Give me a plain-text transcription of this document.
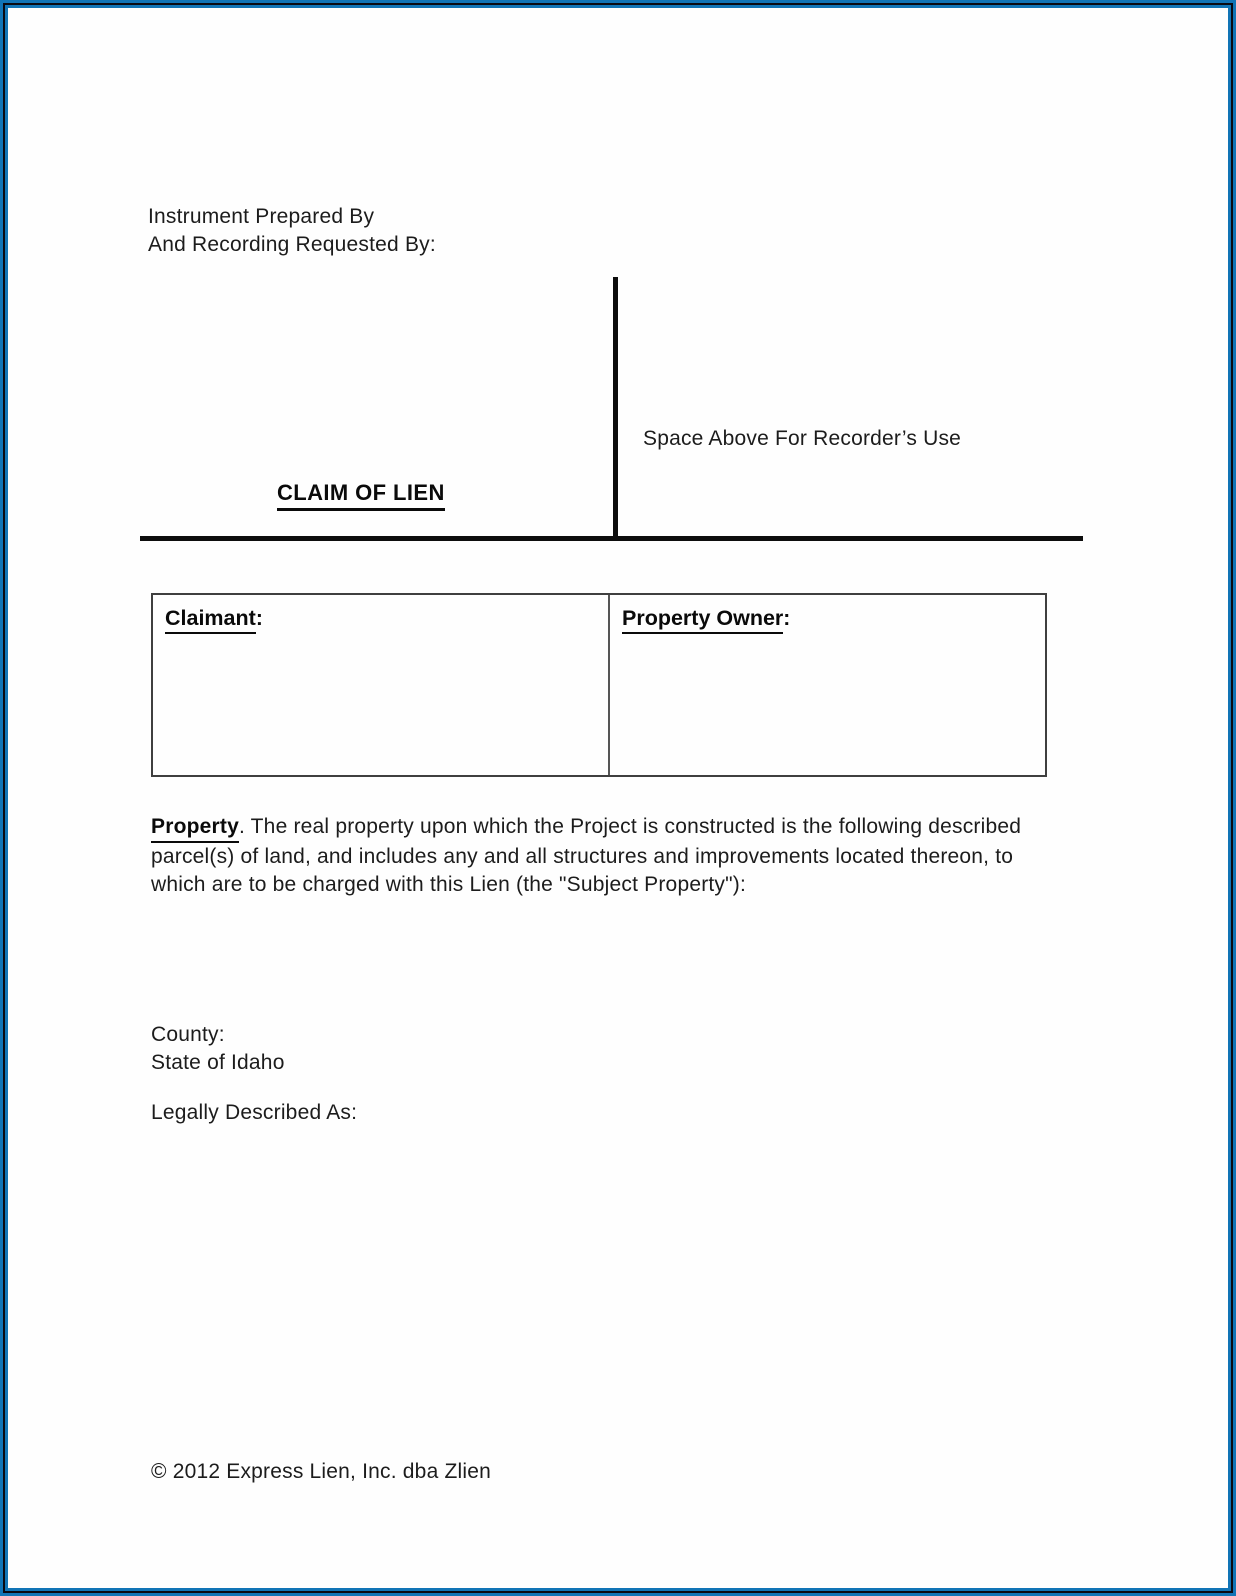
Instrument Prepared By
And Recording Requested By:
Space Above For Recorder’s Use
CLAIM OF LIEN
Claimant:	Property Owner:
Property. The real property upon which the Project is constructed is the following described parcel(s) of land, and includes any and all structures and improvements located thereon, to which are to be charged with this Lien (the "Subject Property"):
County:
State of Idaho
Legally Described As:
© 2012 Express Lien, Inc. dba Zlien
